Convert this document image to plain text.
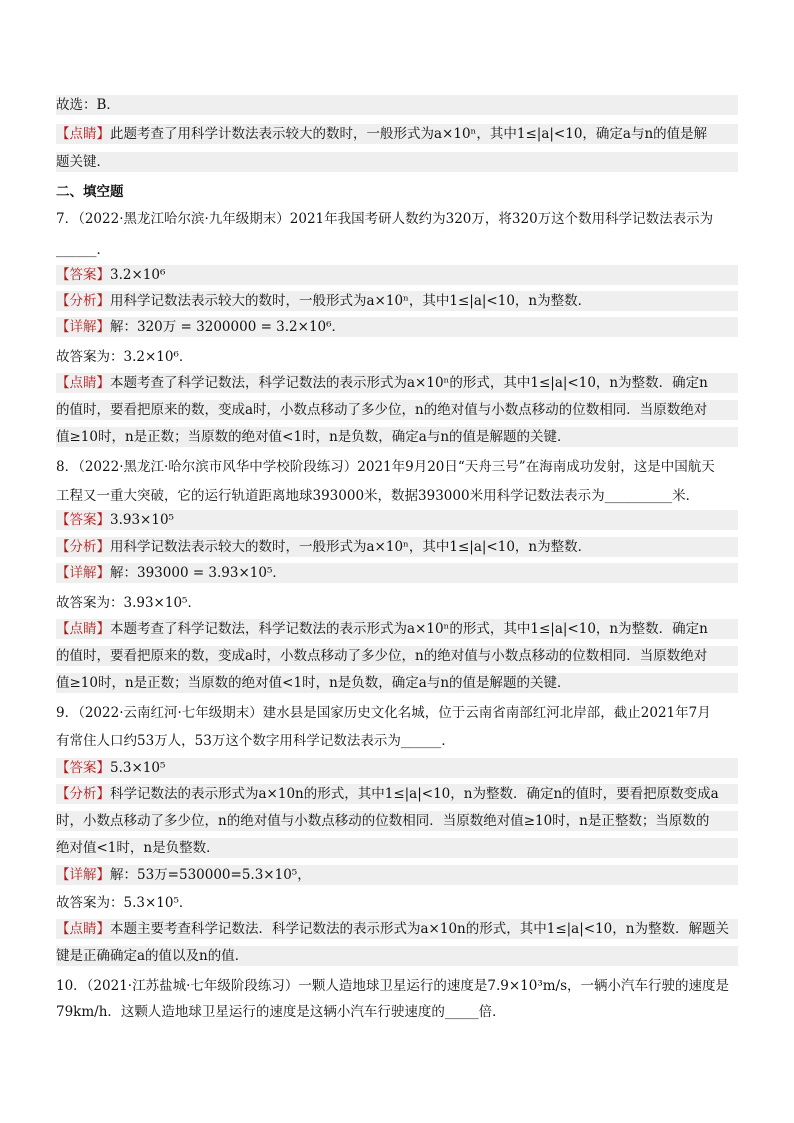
故选：B．
【点睛】此题考查了用科学计数法表示较大的数时，一般形式为a×10ⁿ，其中1≤|a|<10，确定a与n的值是解
题关键．
二、填空题
7．（2022·黑龙江哈尔滨·九年级期末）2021年我国考研人数约为320万，将320万这个数用科学记数法表示为
______．
【答案】3.2×10⁶
【分析】用科学记数法表示较大的数时，一般形式为a×10ⁿ，其中1≤|a|<10，n为整数．
【详解】解：320万 = 3200000 = 3.2×10⁶．
故答案为：3.2×10⁶．
【点睛】本题考查了科学记数法，科学记数法的表示形式为a×10ⁿ的形式，其中1≤|a|<10，n为整数．确定n
的值时，要看把原来的数，变成a时，小数点移动了多少位，n的绝对值与小数点移动的位数相同．当原数绝对
值≥10时，n是正数；当原数的绝对值<1时，n是负数，确定a与n的值是解题的关键．
8．（2022·黑龙江·哈尔滨市风华中学校阶段练习）2021年9月20日“天舟三号”在海南成功发射，这是中国航天
工程又一重大突破，它的运行轨道距离地球393000米，数据393000米用科学记数法表示为__________米．
【答案】3.93×10⁵
【分析】用科学记数法表示较大的数时，一般形式为a×10ⁿ，其中1≤|a|<10，n为整数．
【详解】解：393000 = 3.93×10⁵．
故答案为：3.93×10⁵．
【点睛】本题考查了科学记数法，科学记数法的表示形式为a×10ⁿ的形式，其中1≤|a|<10，n为整数．确定n
的值时，要看把原来的数，变成a时，小数点移动了多少位，n的绝对值与小数点移动的位数相同．当原数绝对
值≥10时，n是正数；当原数的绝对值<1时，n是负数，确定a与n的值是解题的关键．
9．（2022·云南红河·七年级期末）建水县是国家历史文化名城，位于云南省南部红河北岸部，截止2021年7月
有常住人口约53万人，53万这个数字用科学记数法表示为______．
【答案】5.3×10⁵
【分析】科学记数法的表示形式为a×10n的形式，其中1≤|a|<10，n为整数．确定n的值时，要看把原数变成a
时，小数点移动了多少位，n的绝对值与小数点移动的位数相同．当原数绝对值≥10时，n是正整数；当原数的
绝对值<1时，n是负整数．
【详解】解：53万=530000=5.3×10⁵，
故答案为：5.3×10⁵．
【点睛】本题主要考查科学记数法．科学记数法的表示形式为a×10n的形式，其中1≤|a|<10，n为整数．解题关
键是正确确定a的值以及n的值．
10．（2021·江苏盐城·七年级阶段练习）一颗人造地球卫星运行的速度是7.9×10³m/s，一辆小汽车行驶的速度是
79km/h．这颗人造地球卫星运行的速度是这辆小汽车行驶速度的_____倍．
